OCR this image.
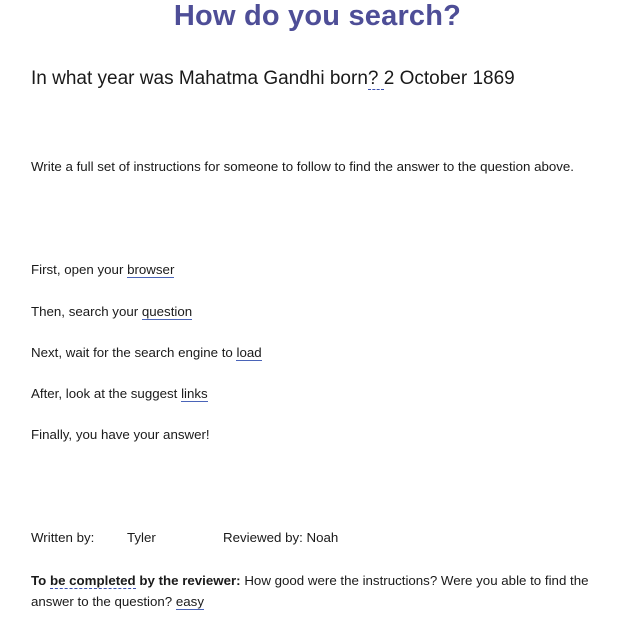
How do you search?
In what year was Mahatma Gandhi born? 2 October 1869
Write a full set of instructions for someone to follow to find the answer to the question above.
First, open your browser
Then, search your question
Next, wait for the search engine to load
After, look at the suggest links
Finally, you have your answer!
Written by: Tyler	Reviewed by: Noah
To be completed by the reviewer: How good were the instructions? Were you able to find the answer to the question? easy
